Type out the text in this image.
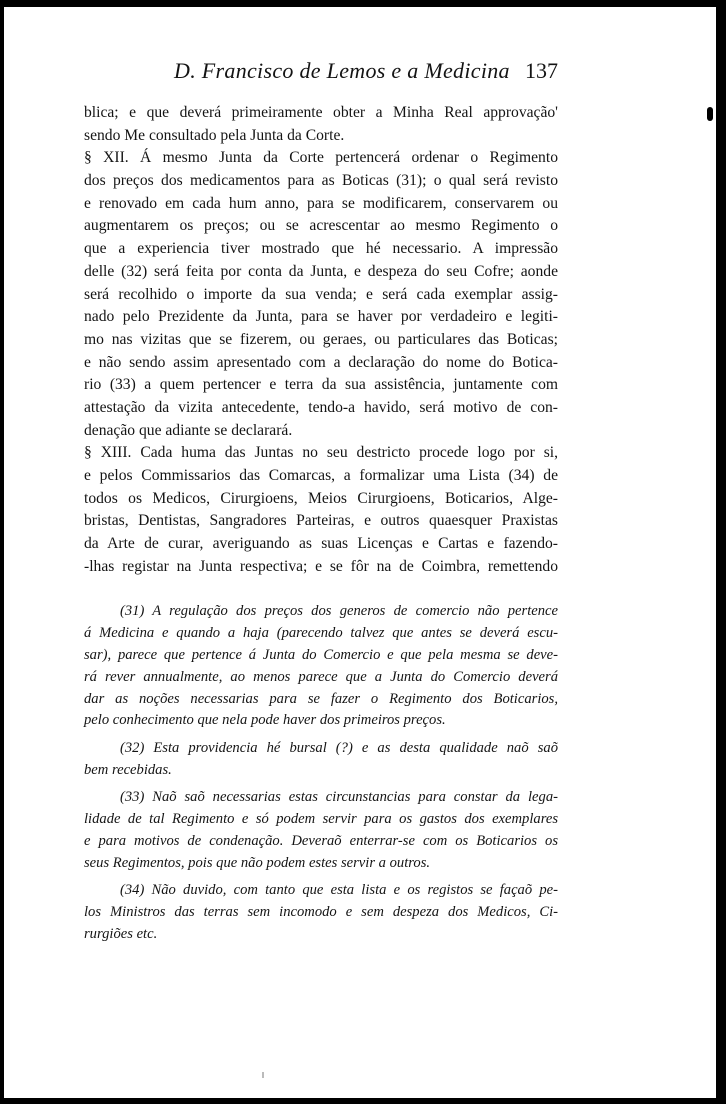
D. Francisco de Lemos e a Medicina 137
blica; e que deverá primeiramente obter a Minha Real approvação'
sendo Me consultado pela Junta da Corte.
§ XII. Á mesmo Junta da Corte pertencerá ordenar o Regimento
dos preços dos medicamentos para as Boticas (31); o qual será revisto
e renovado em cada hum anno, para se modificarem, conservarem ou
augmentarem os preços; ou se acrescentar ao mesmo Regimento o
que a experiencia tiver mostrado que hé necessario. A impressão
delle (32) será feita por conta da Junta, e despeza do seu Cofre; aonde
será recolhido o importe da sua venda; e será cada exemplar assig-
nado pelo Prezidente da Junta, para se haver por verdadeiro e legiti-
mo nas vizitas que se fizerem, ou geraes, ou particulares das Boticas;
e não sendo assim apresentado com a declaração do nome do Botica-
rio (33) a quem pertencer e terra da sua assistência, juntamente com
attestação da vizita antecedente, tendo-a havido, será motivo de con-
denação que adiante se declarará.
§ XIII. Cada huma das Juntas no seu destricto procede logo por si,
e pelos Commissarios das Comarcas, a formalizar uma Lista (34) de
todos os Medicos, Cirurgioens, Meios Cirurgioens, Boticarios, Alge-
bristas, Dentistas, Sangradores Parteiras, e outros quaesquer Praxistas
da Arte de curar, averiguando as suas Licenças e Cartas e fazendo-
-lhas registar na Junta respectiva; e se fôr na de Coimbra, remettendo
(31) A regulação dos preços dos generos de comercio não pertence
á Medicina e quando a haja (parecendo talvez que antes se deverá escu-
sar), parece que pertence á Junta do Comercio e que pela mesma se deve-
rá rever annualmente, ao menos parece que a Junta do Comercio deverá
dar as noções necessarias para se fazer o Regimento dos Boticarios,
pelo conhecimento que nela pode haver dos primeiros preços.
(32) Esta providencia hé bursal (?) e as desta qualidade naõ saõ
bem recebidas.
(33) Naõ saõ necessarias estas circunstancias para constar da lega-
lidade de tal Regimento e só podem servir para os gastos dos exemplares
e para motivos de condenação. Deveraõ enterrar-se com os Boticarios os
seus Regimentos, pois que não podem estes servir a outros.
(34) Não duvido, com tanto que esta lista e os registos se façaõ pe-
los Ministros das terras sem incomodo e sem despeza dos Medicos, Ci-
rurgiões etc.
